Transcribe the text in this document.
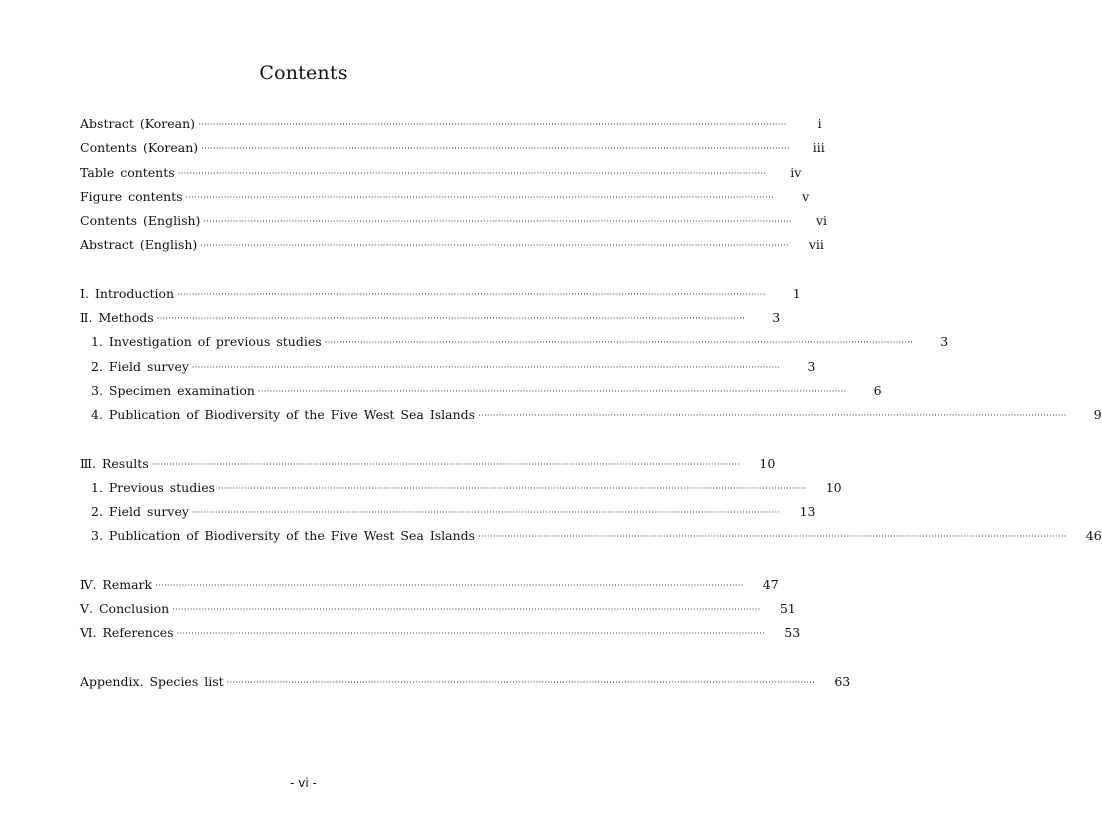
Contents
Abstract (Korean) ········································································································································································································	i
Contents (Korean) ········································································································································································································	iii
Table contents ········································································································································································································	iv
Figure contents ········································································································································································································	v
Contents (English) ········································································································································································································	vi
Abstract (English) ········································································································································································································	vii
Ⅰ. Introduction ········································································································································································································	1
Ⅱ. Methods ········································································································································································································	3
1. Investigation of previous studies ········································································································································································································	3
2. Field survey ········································································································································································································	3
3. Specimen examination ········································································································································································································	6
4. Publication of Biodiversity of the Five West Sea Islands ········································································································································································································	9
Ⅲ. Results ········································································································································································································	10
1. Previous studies ········································································································································································································	10
2. Field survey ········································································································································································································	13
3. Publication of Biodiversity of the Five West Sea Islands ········································································································································································································	46
Ⅳ. Remark ········································································································································································································	47
Ⅴ. Conclusion ········································································································································································································	51
Ⅵ. References ········································································································································································································	53
Appendix. Species list ········································································································································································································	63
- vi -
